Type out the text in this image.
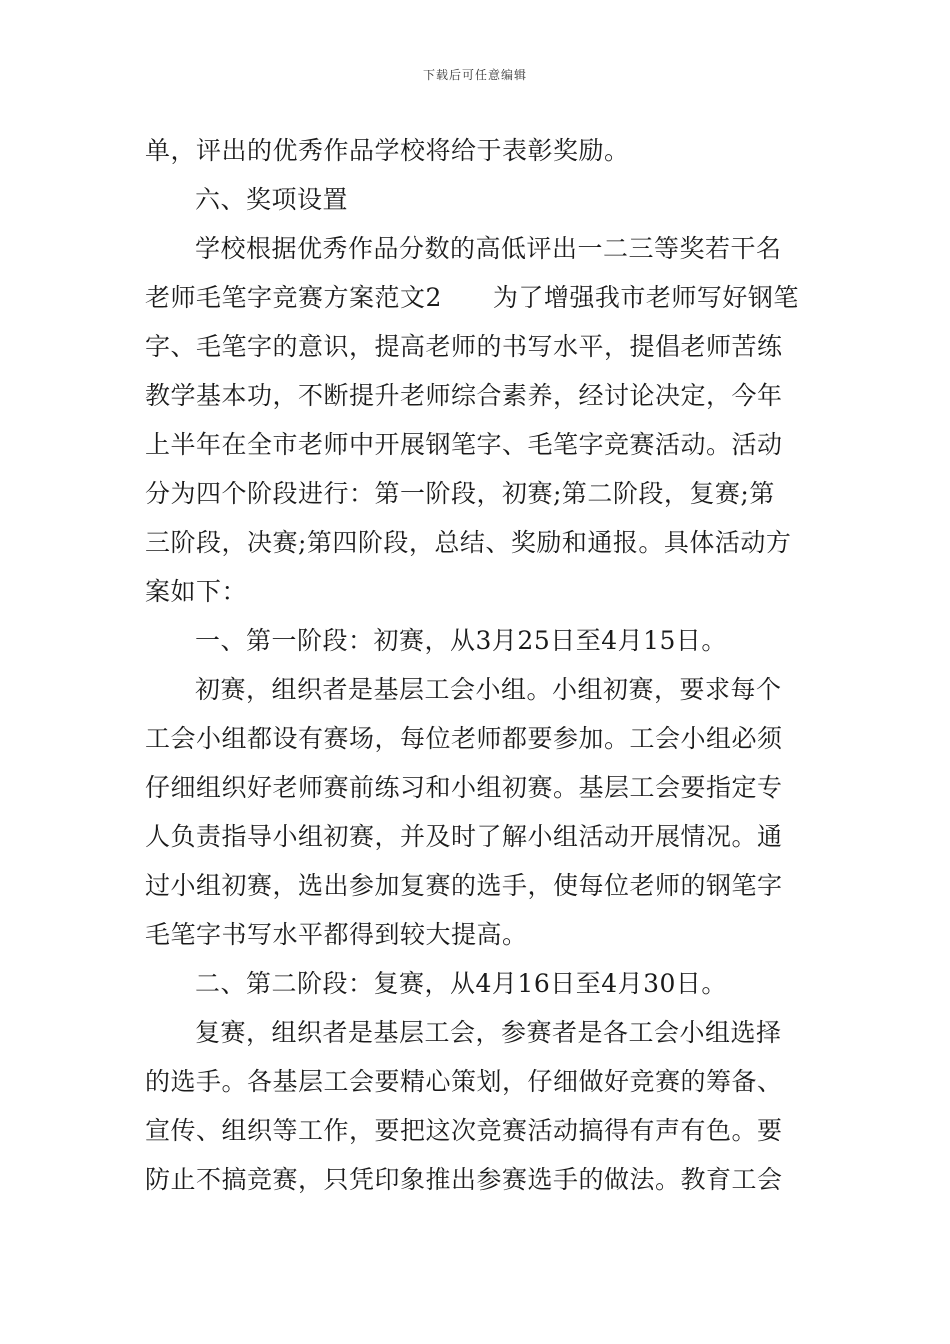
下载后可任意编辑
单，评出的优秀作品学校将给于表彰奖励。
六、奖项设置
学校根据优秀作品分数的高低评出一二三等奖若干名
老师毛笔字竞赛方案范文2　　为了增强我市老师写好钢笔
字、毛笔字的意识，提高老师的书写水平，提倡老师苦练
教学基本功，不断提升老师综合素养，经讨论决定，今年
上半年在全市老师中开展钢笔字、毛笔字竞赛活动。活动
分为四个阶段进行：第一阶段，初赛;第二阶段，复赛;第
三阶段，决赛;第四阶段，总结、奖励和通报。具体活动方
案如下：
一、第一阶段：初赛，从3月25日至4月15日。
初赛，组织者是基层工会小组。小组初赛，要求每个
工会小组都设有赛场，每位老师都要参加。工会小组必须
仔细组织好老师赛前练习和小组初赛。基层工会要指定专
人负责指导小组初赛，并及时了解小组活动开展情况。通
过小组初赛，选出参加复赛的选手，使每位老师的钢笔字
毛笔字书写水平都得到较大提高。
二、第二阶段：复赛，从4月16日至4月30日。
复赛，组织者是基层工会，参赛者是各工会小组选择
的选手。各基层工会要精心策划，仔细做好竞赛的筹备、
宣传、组织等工作，要把这次竞赛活动搞得有声有色。要
防止不搞竞赛，只凭印象推出参赛选手的做法。教育工会
